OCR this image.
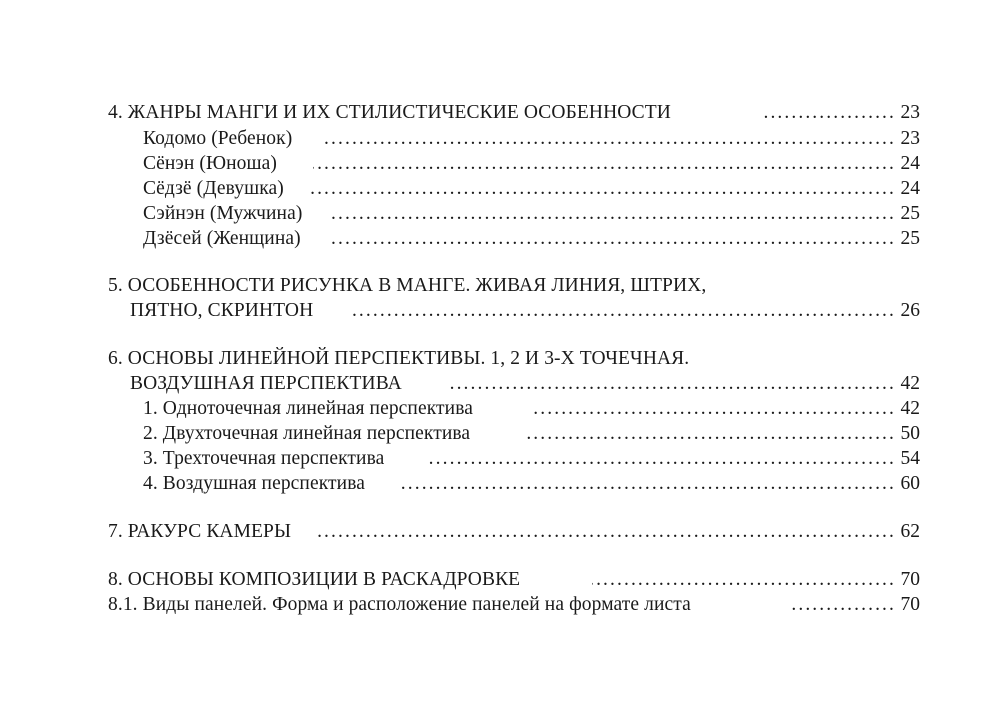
4. ЖАНРЫ МАНГИ И ИХ СТИЛИСТИЧЕСКИЕ ОСОБЕННОСТИ .....	23
Кодомо (Ребенок) .....	23
Сёнэн (Юноша) .....	24
Сёдзё (Девушка) .....	24
Сэйнэн (Мужчина) .....	25
Дзёсей (Женщина) .....	25
5. ОСОБЕННОСТИ РИСУНКА В МАНГЕ. ЖИВАЯ ЛИНИЯ, ШТРИХ,
ПЯТНО, СКРИНТОН .....	26
6. ОСНОВЫ ЛИНЕЙНОЙ ПЕРСПЕКТИВЫ. 1, 2 И 3-Х ТОЧЕЧНАЯ.
ВОЗДУШНАЯ ПЕРСПЕКТИВА .....	42
1. Одноточечная линейная перспектива .....	42
2. Двухточечная линейная перспектива .....	50
3. Трехточечная перспектива .....	54
4. Воздушная перспектива .....	60
7. РАКУРС КАМЕРЫ .....	62
8. ОСНОВЫ КОМПОЗИЦИИ В РАСКАДРОВКЕ .....	70
8.1. Виды панелей. Форма и расположение панелей на формате листа .....	70
